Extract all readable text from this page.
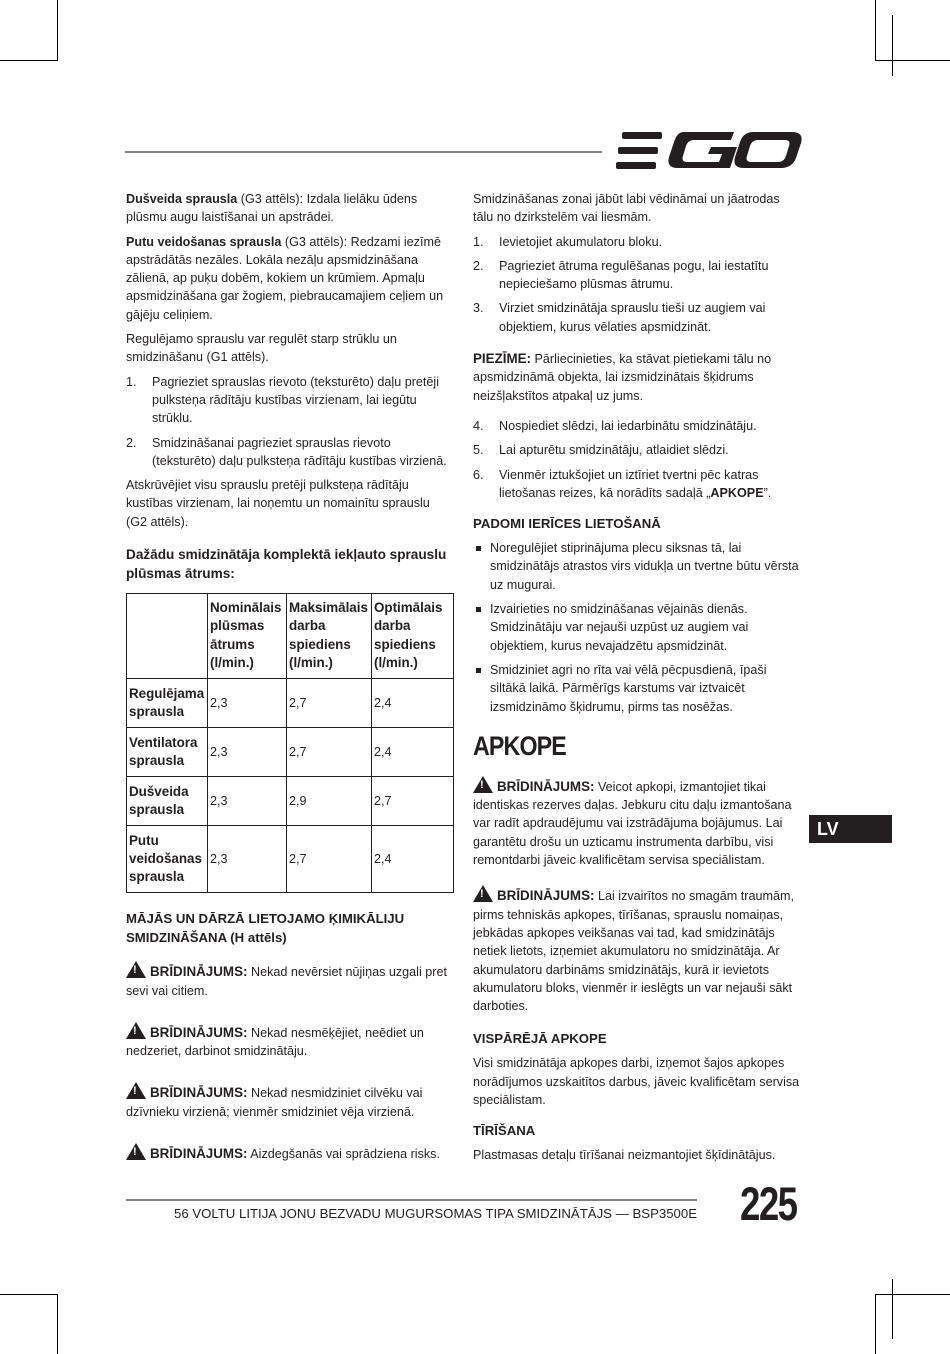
Dušveida sprausla (G3 attēls): Izdala lielāku ūdens plūsmu augu laistīšanai un apstrādei.

Putu veidošanas sprausla (G3 attēls): Redzami iezīmē apstrādātās nezāles. Lokāla nezāļu apsmidzināšana zālienā, ap puķu dobēm, kokiem un krūmiem. Apmaļu apsmidzināšana gar žogiem, piebraucamajiem ceļiem un gājēju celiņiem.

Regulējamo sprauslu var regulēt starp strūklu un smidzināšanu (G1 attēls).

1. Pagrieziet sprauslas rievoto (teksturēto) daļu pretēji pulksteņa rādītāju kustības virzienam, lai iegūtu strūklu.
2. Smidzināšanai pagrieziet sprauslas rievoto (teksturēto) daļu pulksteņa rādītāju kustības virzienā.

Atskrūvējiet visu sprauslu pretēji pulksteņa rādītāju kustības virzienam, lai noņemtu un nomainītu sprauslu (G2 attēls).

Dažādu smidzinātāja komplektā iekļauto sprauslu plūsmas ātrums:
	Nominālais plūsmas ātrums (l/min.)	Maksimālais darba spiediens (l/min.)	Optimālais darba spiediens (l/min.)
Regulējama sprausla	2,3	2,7	2,4
Ventilatora sprausla	2,3	2,7	2,4
Dušveida sprausla	2,3	2,9	2,7
Putu veidošanas sprausla	2,3	2,7	2,4
MĀJĀS UN DĀRZĀ LIETOJAMO ĶIMIKĀLIJU SMIDZINĀŠANA (H attēls)

!BRĪDINĀJUMS: Nekad nevērsiet nūjiņas uzgali pret sevi vai citiem.

!BRĪDINĀJUMS: Nekad nesmēķējiet, neēdiet un nedzeriet, darbinot smidzinātāju.

!BRĪDINĀJUMS: Nekad nesmidziniet cilvēku vai dzīvnieku virzienā; vienmēr smidziniet vēja virzienā.

!BRĪDINĀJUMS: Aizdegšanās vai sprādziena risks.

Smidzināšanas zonai jābūt labi vēdināmai un jāatrodas tālu no dzirkstelēm vai liesmām.

1. Ievietojiet akumulatoru bloku.
2. Pagrieziet ātruma regulēšanas pogu, lai iestatītu nepieciešamo plūsmas ātrumu.
3. Virziet smidzinātāja sprauslu tieši uz augiem vai objektiem, kurus vēlaties apsmidzināt.

PIEZĪME: Pārliecinieties, ka stāvat pietiekami tālu no apsmidzināmā objekta, lai izsmidzinātais šķidrums neizšļakstītos atpakaļ uz jums.

4. Nospiediet slēdzi, lai iedarbinātu smidzinātāju.
5. Lai apturētu smidzinātāju, atlaidiet slēdzi.
6. Vienmēr iztukšojiet un iztīriet tvertni pēc katras lietošanas reizes, kā norādīts sadaļā „APKOPE”.
PADOMI IERĪCES LIETOŠANĀ
Noregulējiet stiprinājuma plecu siksnas tā, lai smidzinātājs atrastos virs vidukļa un tvertne būtu vērsta uz mugurai.
Izvairieties no smidzināšanas vējainās dienās. Smidzinātāju var nejauši uzpūst uz augiem vai objektiem, kurus nevajadzētu apsmidzināt.
Smidziniet agri no rīta vai vēlā pēcpusdienā, īpaši siltākā laikā. Pārmērīgs karstums var iztvaicēt izsmidzināmo šķidrumu, pirms tas nosēžas.
APKOPE

!BRĪDINĀJUMS: Veicot apkopi, izmantojiet tikai identiskas rezerves daļas. Jebkuru citu daļu izmantošana var radīt apdraudējumu vai izstrādājuma bojājumus. Lai garantētu drošu un uzticamu instrumenta darbību, visi remontdarbi jāveic kvalificētam servisa speciālistam.

!BRĪDINĀJUMS: Lai izvairītos no smagām traumām, pirms tehniskās apkopes, tīrīšanas, sprauslu nomaiņas, jebkādas apkopes veikšanas vai tad, kad smidzinātājs netiek lietots, izņemiet akumulatoru no smidzinātāja. Ar akumulatoru darbināms smidzinātājs, kurā ir ievietots akumulatoru bloks, vienmēr ir ieslēgts un var nejauši sākt darboties.

VISPĀRĒJĀ APKOPE

Visi smidzinātāja apkopes darbi, izņemot šajos apkopes norādījumos uzskaitītos darbus, jāveic kvalificētam servisa speciālistam.

TĪRĪŠANA

Plastmasas detaļu tīrīšanai neizmantojiet šķīdinātājus.

LV
56 VOLTU LITIJA JONU BEZVADU MUGURSOMAS TIPA SMIDZINĀTĀJS — BSP3500E 225
